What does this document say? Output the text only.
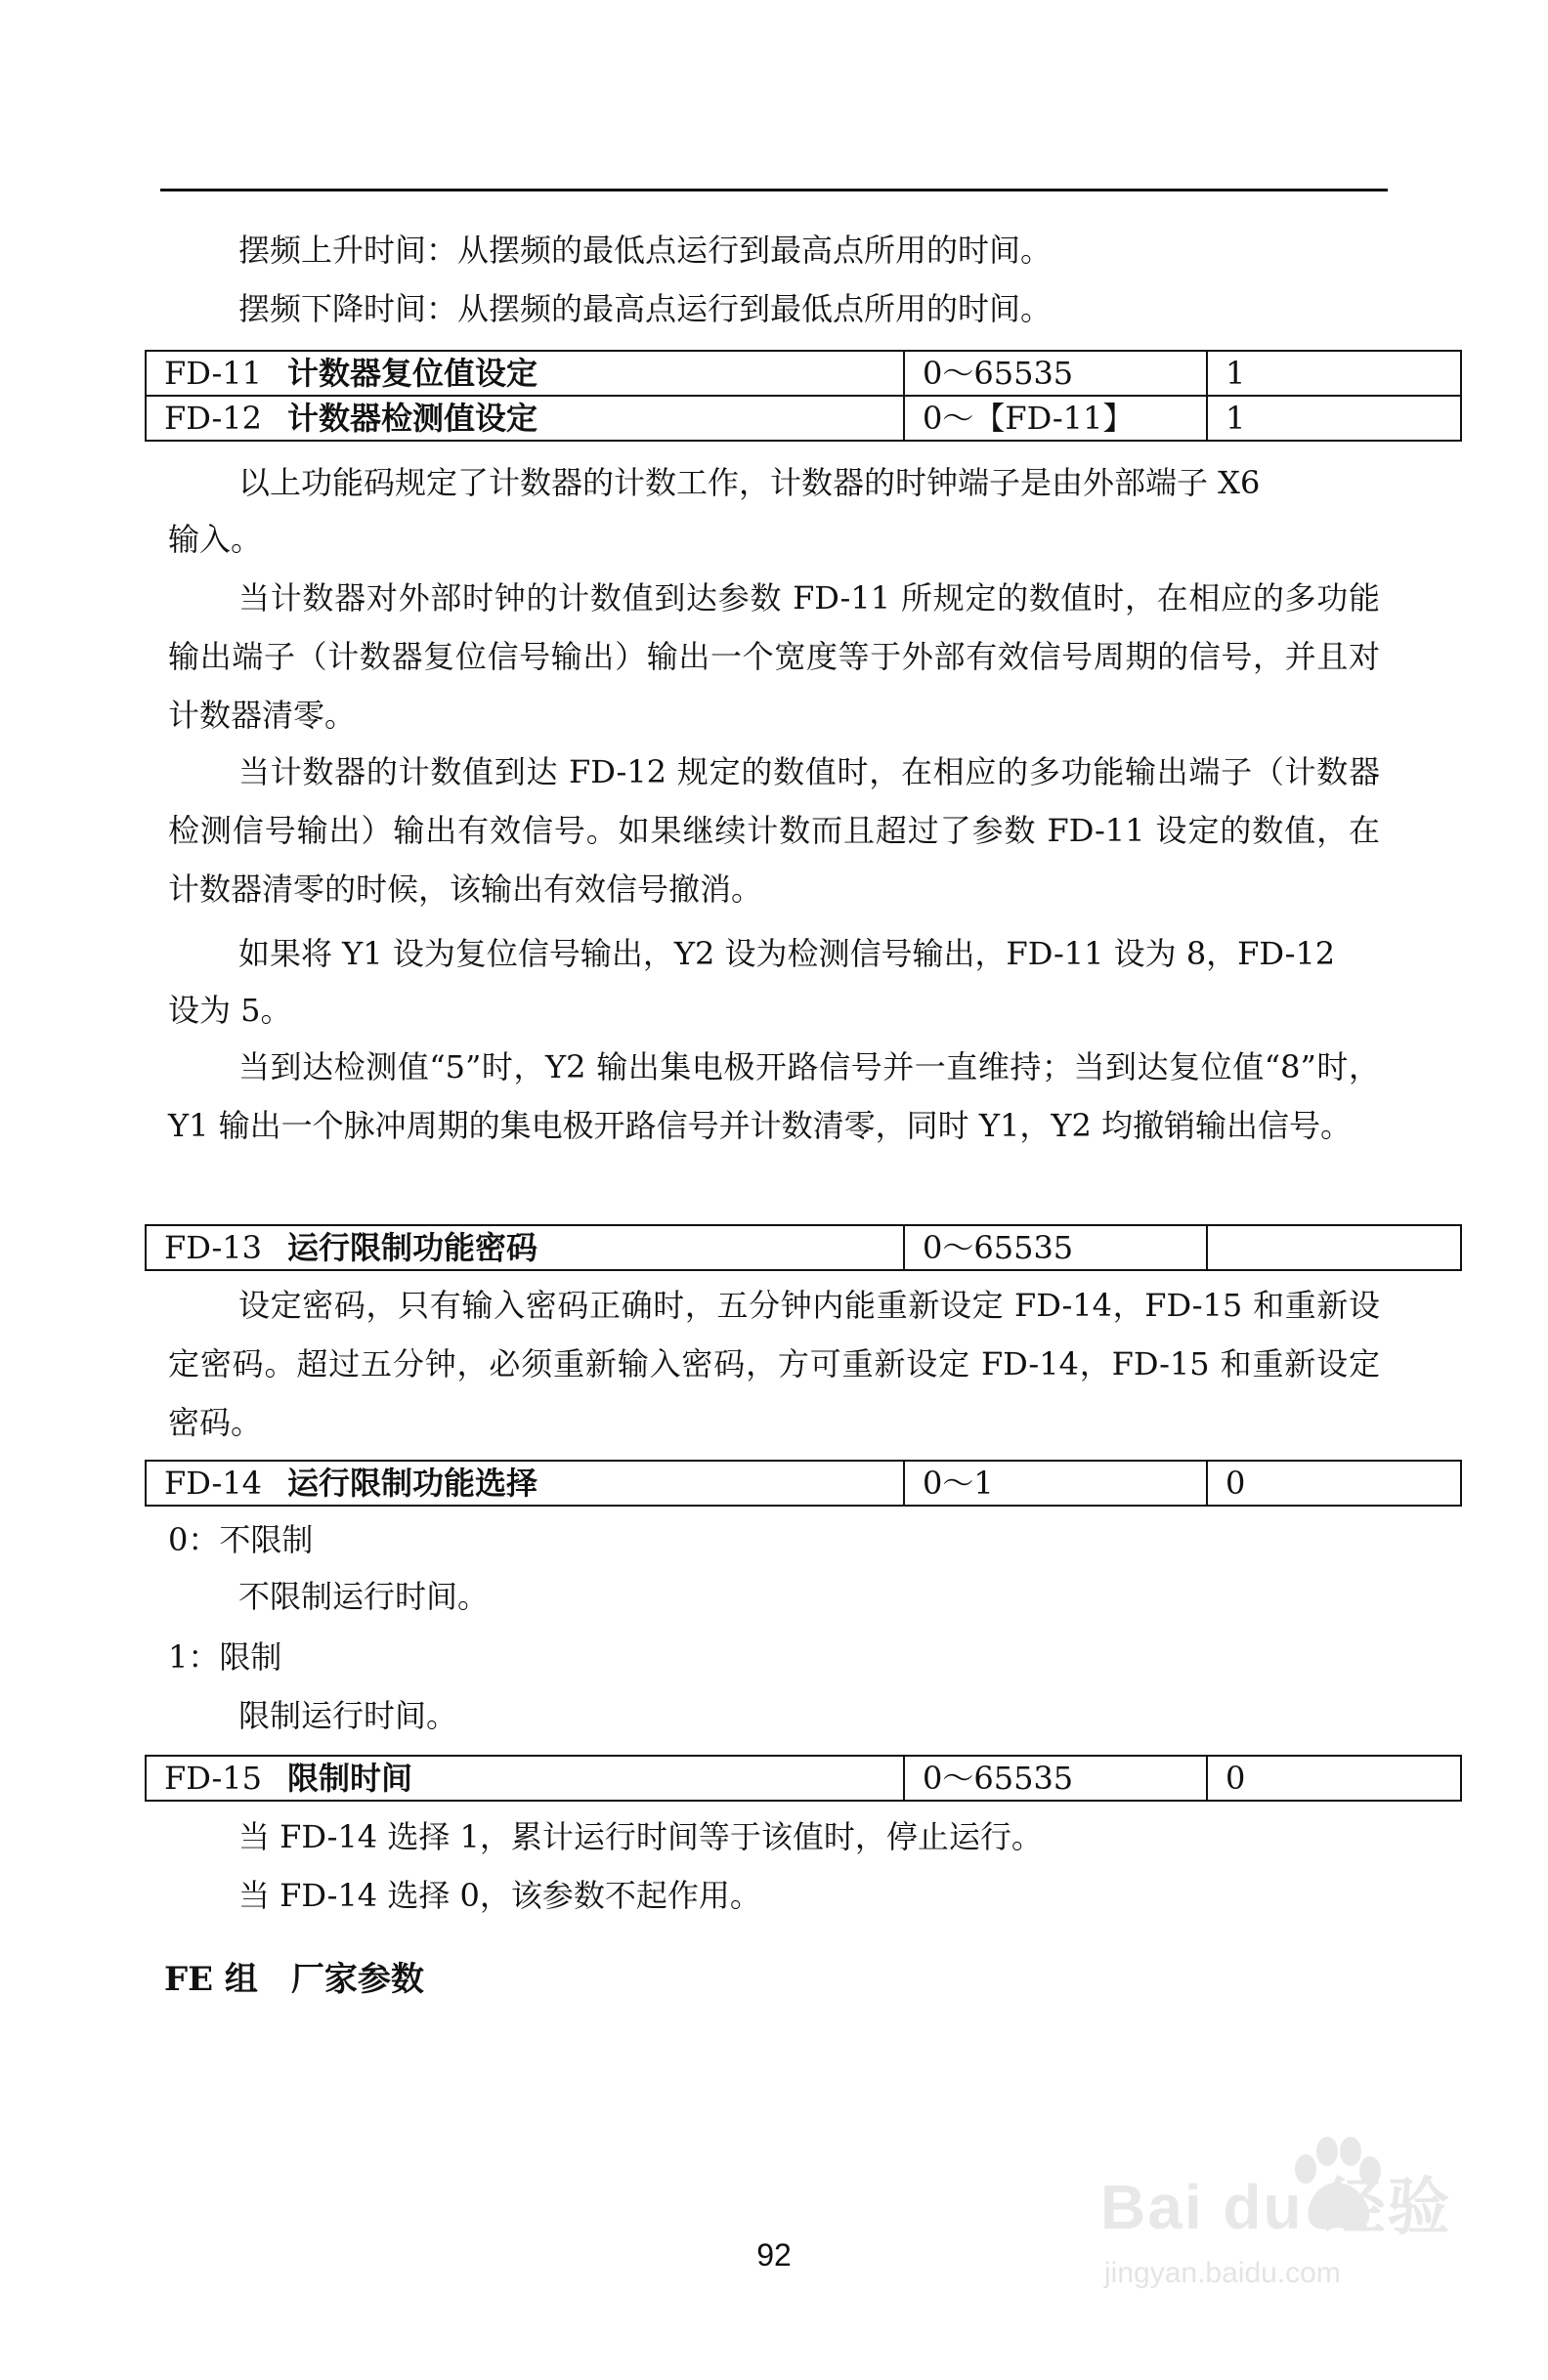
摆频上升时间：从摆频的最低点运行到最高点所用的时间。
摆频下降时间：从摆频的最高点运行到最低点所用的时间。
FD-11 计数器复位值设定	0～65535	1
FD-12 计数器检测值设定	0～【FD-11】	1
以上功能码规定了计数器的计数工作，计数器的时钟端子是由外部端子 X6
输入。
当计数器对外部时钟的计数值到达参数 FD-11 所规定的数值时，在相应的多功能输出端子（计数器复位信号输出）输出一个宽度等于外部有效信号周期的信号，并且对计数器清零。
当计数器的计数值到达 FD-12 规定的数值时，在相应的多功能输出端子（计数器检测信号输出）输出有效信号。如果继续计数而且超过了参数 FD-11 设定的数值，在计数器清零的时候，该输出有效信号撤消。
如果将 Y1 设为复位信号输出，Y2 设为检测信号输出，FD-11 设为 8，FD-12
设为 5。
当到达检测值“5”时，Y2 输出集电极开路信号并一直维持；当到达复位值“8”时，Y1 输出一个脉冲周期的集电极开路信号并计数清零，同时 Y1，Y2 均撤销输出信号。
FD-13 运行限制功能密码	0～65535	
设定密码，只有输入密码正确时，五分钟内能重新设定 FD-14，FD-15 和重新设定密码。超过五分钟，必须重新输入密码，方可重新设定 FD-14，FD-15 和重新设定密码。
FD-14 运行限制功能选择	0～1	0
0：不限制
不限制运行时间。
1：限制
限制运行时间。
FD-15 限制时间	0～65535	0
当 FD-14 选择 1，累计运行时间等于该值时，停止运行。
当 FD-14 选择 0，该参数不起作用。
FE 组　厂家参数
92
Bai du 经验
jingyan.baidu.com
